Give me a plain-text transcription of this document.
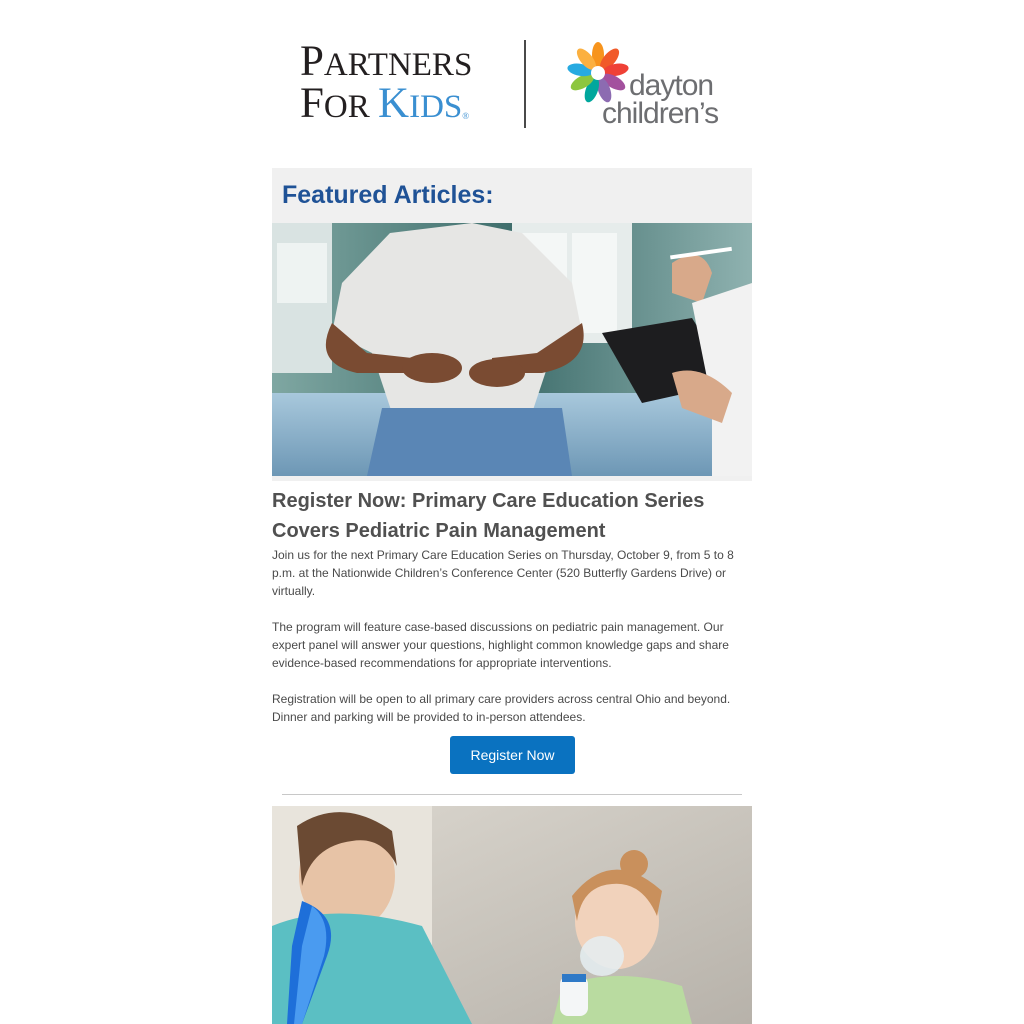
PARTNERS
FOR KIDS®
dayton
children’s
Featured Articles:
Register Now: Primary Care Education Series Covers Pediatric Pain Management

Join us for the next Primary Care Education Series on Thursday, October 9, from 5 to 8 p.m. at the Nationwide Children’s Conference Center (520 Butterfly Gardens Drive) or virtually.

The program will feature case-based discussions on pediatric pain management. Our expert panel will answer your questions, highlight common knowledge gaps and share evidence-based recommendations for appropriate interventions.

Registration will be open to all primary care providers across central Ohio and beyond. Dinner and parking will be provided to in-person attendees.

Register Now
